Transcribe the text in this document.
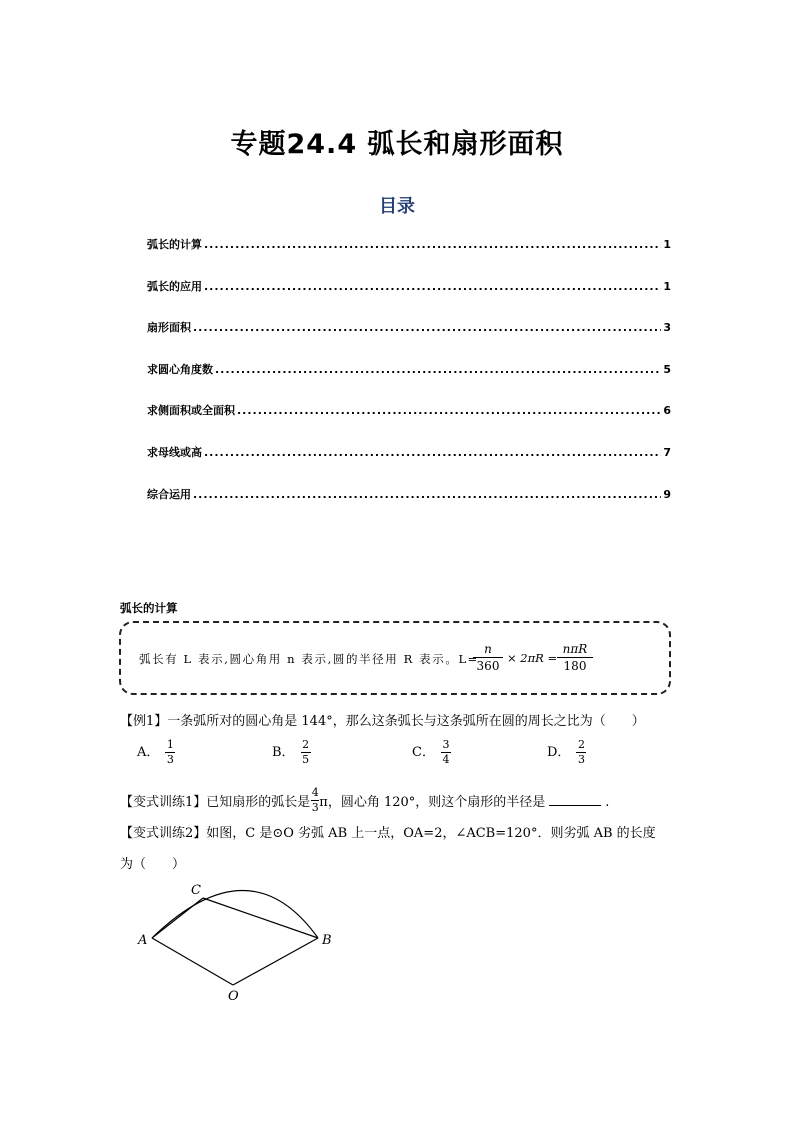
专题24.4 弧长和扇形面积
目录
弧长的计算 .....	1
弧长的应用 .....	1
扇形面积 .....	3
求圆心角度数 .....	5
求侧面积或全面积 .....	6
求母线或高 .....	7
综合运用 .....	9
弧长的计算
弧长有 L 表示,圆心角用 n 表示,圆的半径用 R 表示。L=
n
360
× 2πR =
nπR
180
【例1】一条弧所对的圆心角是 144°，那么这条弧长与这条弧所在圆的周长之比为（　　）
A． $\frac{1}{3}$	B． $\frac{2}{5}$	C． $\frac{3}{4}$	D． $\frac{2}{3}$
【变式训练1】已知扇形的弧长是$\frac{4}{3}\pi$，圆心角 120°，则这个扇形的半径是	.
【变式训练2】如图，C 是⊙O 劣弧 AB 上一点，OA=2，∠ACB=120°．则劣弧 AB 的长度
为（　　）
A	B
C
O
